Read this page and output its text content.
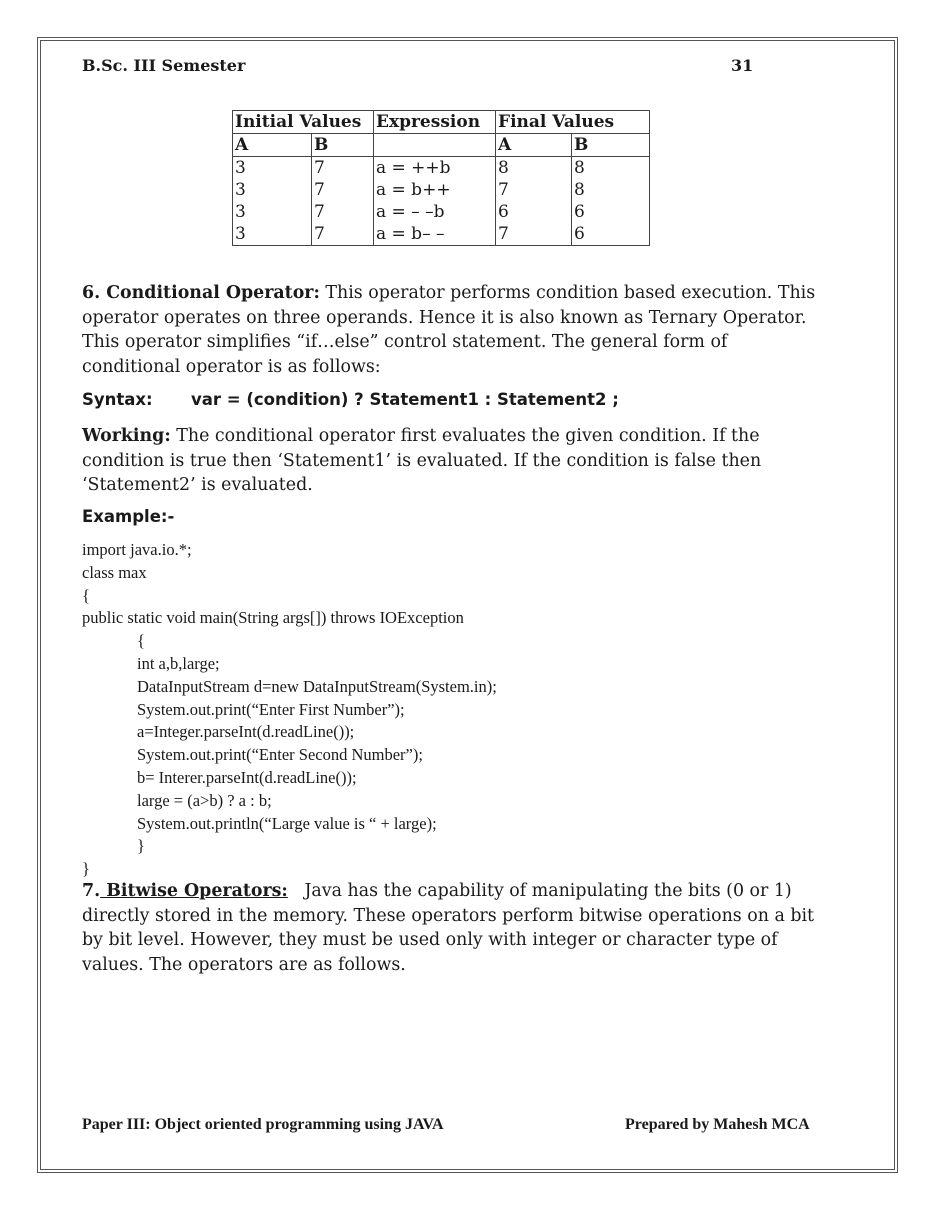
B.Sc. III Semester	31
Initial Values		Expression	Final Values	
A	B		A	B
3	7	a = ++b	8	8
3	7	a = b++	7	8
3	7	a = – –b	6	6
3	7	a = b– –	7	6
6. Conditional Operator: This operator performs condition based execution. This
operator operates on three operands. Hence it is also known as Ternary Operator.
This operator simplifies “if…else” control statement. The general form of
conditional operator is as follows:
Syntax: var = (condition) ? Statement1 : Statement2 ;
Working: The conditional operator first evaluates the given condition. If the
condition is true then ‘Statement1’ is evaluated. If the condition is false then
‘Statement2’ is evaluated.
Example:-
import java.io.*;
class max
{
public static void main(String args[]) throws IOException
{
int a,b,large;
DataInputStream d=new DataInputStream(System.in);
System.out.print(“Enter First Number”);
a=Integer.parseInt(d.readLine());
System.out.print(“Enter Second Number”);
b= Interer.parseInt(d.readLine());
large = (a>b) ? a : b;
System.out.println(“Large value is “ + large);
}
}
7. Bitwise Operators:   Java has the capability of manipulating the bits (0 or 1)
directly stored in the memory. These operators perform bitwise operations on a bit
by bit level. However, they must be used only with integer or character type of
values. The operators are as follows.
Paper III: Object oriented programming using JAVA	Prepared by Mahesh MCA
